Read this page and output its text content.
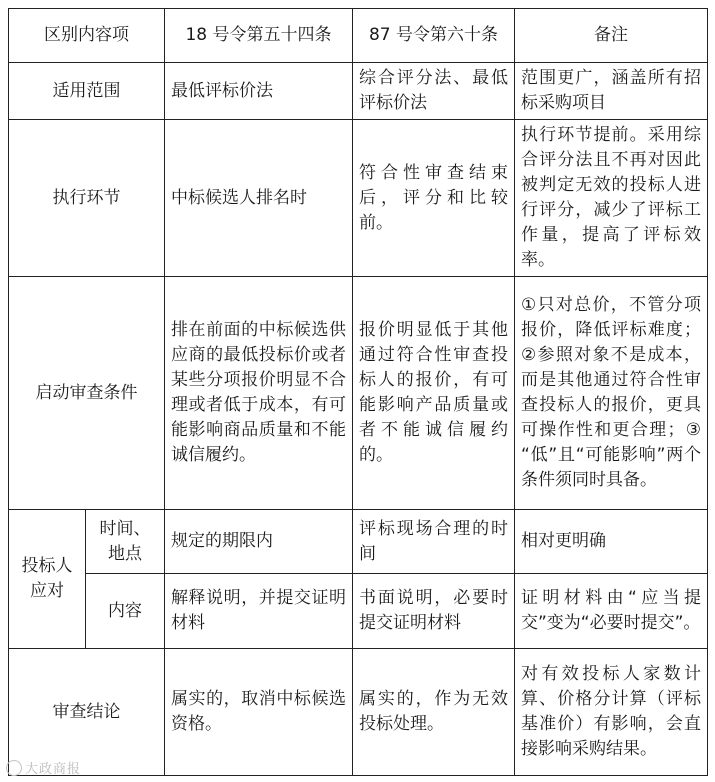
区别内容项		18 号令第五十四条	87 号令第六十条	备注
适用范围		最低评标价法	综合评分法、最低评标价法	范围更广，涵盖所有招标采购项目
执行环节		中标候选人排名时	符合性审查结束后，评分和比较前。	执行环节提前。采用综合评分法且不再对因此被判定无效的投标人进行评分，减少了评标工作量，提高了评标效率。
启动审查条件		排在前面的中标候选供应商的最低投标价或者某些分项报价明显不合理或者低于成本，有可能影响商品质量和不能诚信履约。	报价明显低于其他通过符合性审查投标人的报价，有可能影响产品质量或者不能诚信履约的。	①只对总价，不管分项报价，降低评标难度；②参照对象不是成本，而是其他通过符合性审查投标人的报价，更具可操作性和更合理；③ “低”且“可能影响”两个条件须同时具备。
投标人应对	时间、地点	规定的期限内	评标现场合理的时间	相对更明确
	内容	解释说明，并提交证明材料	书面说明，必要时提交证明材料	证明材料由“应当提交”变为“必要时提交”。
审查结论		属实的，取消中标候选资格。	属实的，作为无效投标处理。	对有效投标人家数计算、价格分计算（评标基准价）有影响，会直接影响采购结果。
大政商报
